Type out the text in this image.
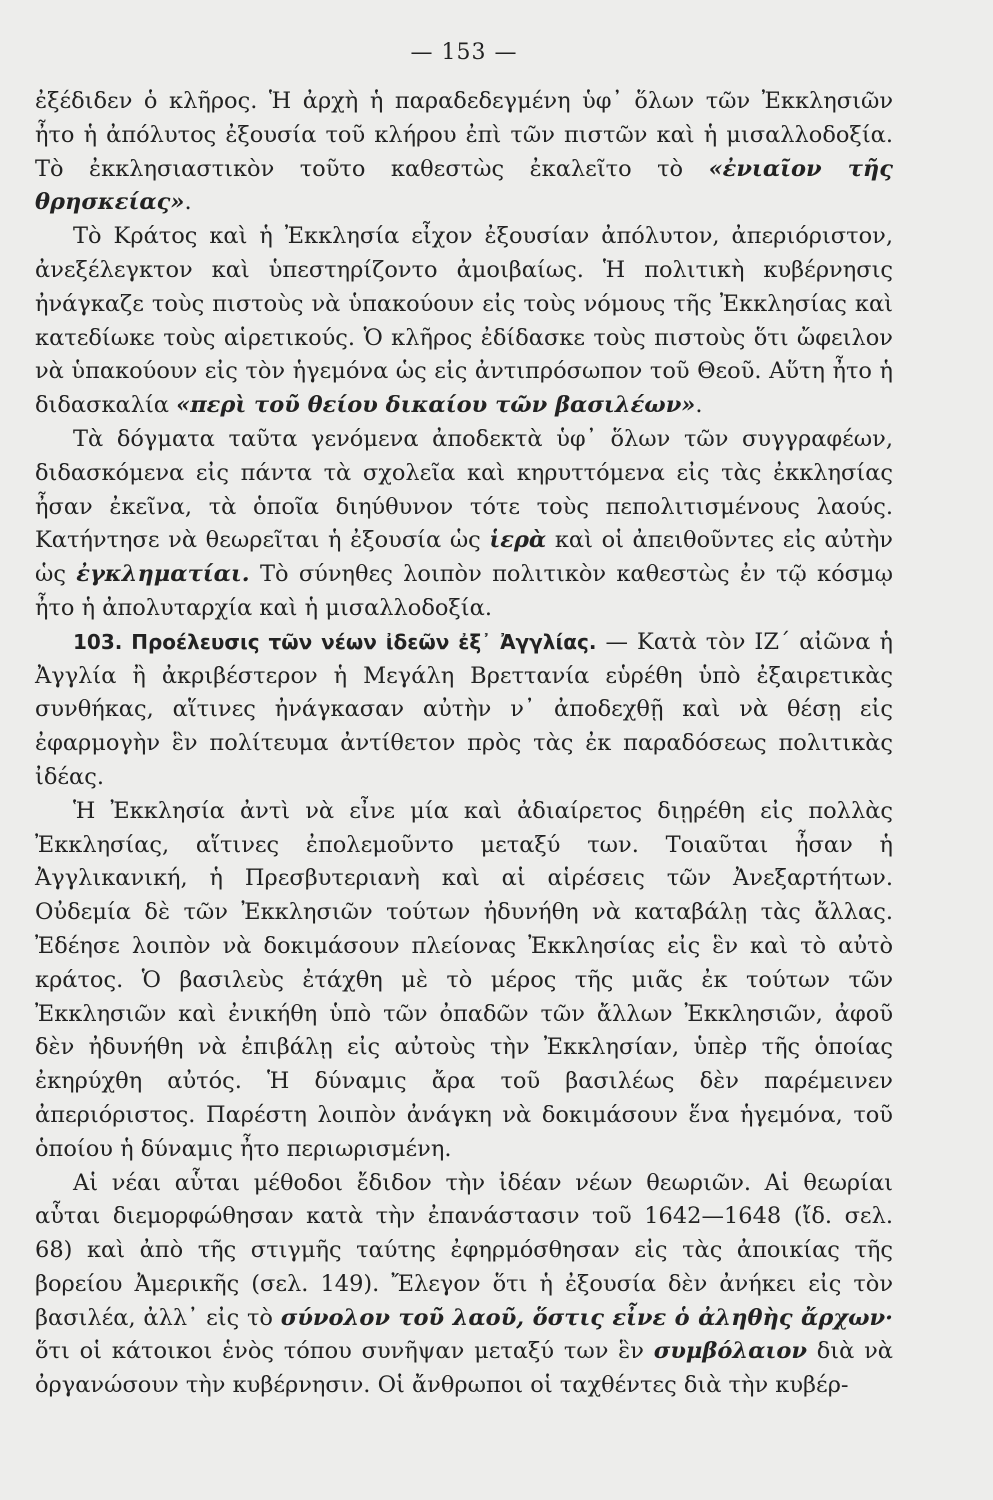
— 153 —

ἐξέδιδεν ὁ κλῆρος. Ἡ ἀρχὴ ἡ παραδεδεγμένη ὑφ᾿ ὅλων τῶν Ἐκκλησιῶν ἦτο ἡ ἀπόλυτος ἐξουσία τοῦ κλήρου ἐπὶ τῶν πιστῶν καὶ ἡ μισαλλοδοξία. Τὸ ἐκκλησιαστικὸν τοῦτο καθεστὼς ἐκαλεῖτο τὸ «ἐνιαῖον τῆς θρησκείας».

Τὸ Κράτος καὶ ἡ Ἐκκλησία εἶχον ἐξουσίαν ἀπόλυτον, ἀπεριόριστον, ἀνεξέλεγκτον καὶ ὑπεστηρίζοντο ἀμοιβαίως. Ἡ πολιτικὴ κυβέρνησις ἠνάγκαζε τοὺς πιστοὺς νὰ ὑπακούουν εἰς τοὺς νόμους τῆς Ἐκκλησίας καὶ κατεδίωκε τοὺς αἱρετικούς. Ὁ κλῆρος ἐδίδασκε τοὺς πιστοὺς ὅτι ὤφειλον νὰ ὑπακούουν εἰς τὸν ἡγεμόνα ὡς εἰς ἀντιπρόσωπον τοῦ Θεοῦ. Αὕτη ἦτο ἡ διδασκαλία «περὶ τοῦ θείου δικαίου τῶν βασιλέων».

Τὰ δόγματα ταῦτα γενόμενα ἀποδεκτὰ ὑφ᾿ ὅλων τῶν συγγραφέων, διδασκόμενα εἰς πάντα τὰ σχολεῖα καὶ κηρυττόμενα εἰς τὰς ἐκκλησίας ἦσαν ἐκεῖνα, τὰ ὁποῖα διηύθυνον τότε τοὺς πεπολιτισμένους λαούς. Κατήντησε νὰ θεωρεῖται ἡ ἐξουσία ὡς ἱερὰ καὶ οἱ ἀπειθοῦντες εἰς αὐτὴν ὡς ἐγκληματίαι. Τὸ σύνηθες λοιπὸν πολιτικὸν καθεστὼς ἐν τῷ κόσμῳ ἦτο ἡ ἀπολυταρχία καὶ ἡ μισαλλοδοξία.

103. Προέλευσις τῶν νέων ἰδεῶν ἐξ᾿ Ἀγγλίας. — Κατὰ τὸν ΙΖ΄ αἰῶνα ἡ Ἀγγλία ἢ ἀκριβέστερον ἡ Μεγάλη Βρεττανία εὑρέθη ὑπὸ ἐξαιρετικὰς συνθήκας, αἵτινες ἠνάγκασαν αὐτὴν ν᾿ ἀποδεχθῇ καὶ νὰ θέσῃ εἰς ἐφαρμογὴν ἓν πολίτευμα ἀντίθετον πρὸς τὰς ἐκ παραδόσεως πολιτικὰς ἰδέας.

Ἡ Ἐκκλησία ἀντὶ νὰ εἶνε μία καὶ ἀδιαίρετος διῃρέθη εἰς πολλὰς Ἐκκλησίας, αἵτινες ἐπολεμοῦντο μεταξύ των. Τοιαῦται ἦσαν ἡ Ἀγγλικανική, ἡ Πρεσβυτεριανὴ καὶ αἱ αἱρέσεις τῶν Ἀνεξαρτήτων. Οὐδεμία δὲ τῶν Ἐκκλησιῶν τούτων ἠδυνήθη νὰ καταβάλῃ τὰς ἄλλας. Ἐδέησε λοιπὸν νὰ δοκιμάσουν πλείονας Ἐκκλησίας εἰς ἓν καὶ τὸ αὐτὸ κράτος. Ὁ βασιλεὺς ἐτάχθη μὲ τὸ μέρος τῆς μιᾶς ἐκ τούτων τῶν Ἐκκλησιῶν καὶ ἐνικήθη ὑπὸ τῶν ὀπαδῶν τῶν ἄλλων Ἐκκλησιῶν, ἀφοῦ δὲν ἠδυνήθη νὰ ἐπιβάλῃ εἰς αὐτοὺς τὴν Ἐκκλησίαν, ὑπὲρ τῆς ὁποίας ἐκηρύχθη αὐτός. Ἡ δύναμις ἄρα τοῦ βασιλέως δὲν παρέμεινεν ἀπεριόριστος. Παρέστη λοιπὸν ἀνάγκη νὰ δοκιμάσουν ἕνα ἡγεμόνα, τοῦ ὁποίου ἡ δύναμις ἦτο περιωρισμένη.

Αἱ νέαι αὗται μέθοδοι ἔδιδον τὴν ἰδέαν νέων θεωριῶν. Αἱ θεωρίαι αὗται διεμορφώθησαν κατὰ τὴν ἐπανάστασιν τοῦ 1642—1648 (ἴδ. σελ. 68) καὶ ἀπὸ τῆς στιγμῆς ταύτης ἐφηρμόσθησαν εἰς τὰς ἀποικίας τῆς βορείου Ἀμερικῆς (σελ. 149). Ἔλεγον ὅτι ἡ ἐξουσία δὲν ἀνήκει εἰς τὸν βασιλέα, ἀλλ᾿ εἰς τὸ σύνολον τοῦ λαοῦ, ὅστις εἶνε ὁ ἀληθὴς ἄρχων· ὅτι οἱ κάτοικοι ἑνὸς τόπου συνῆψαν μεταξύ των ἓν συμβόλαιον διὰ νὰ ὀργανώσουν τὴν κυβέρνησιν. Οἱ ἄνθρωποι οἱ ταχθέντες διὰ τὴν κυβέρ-
